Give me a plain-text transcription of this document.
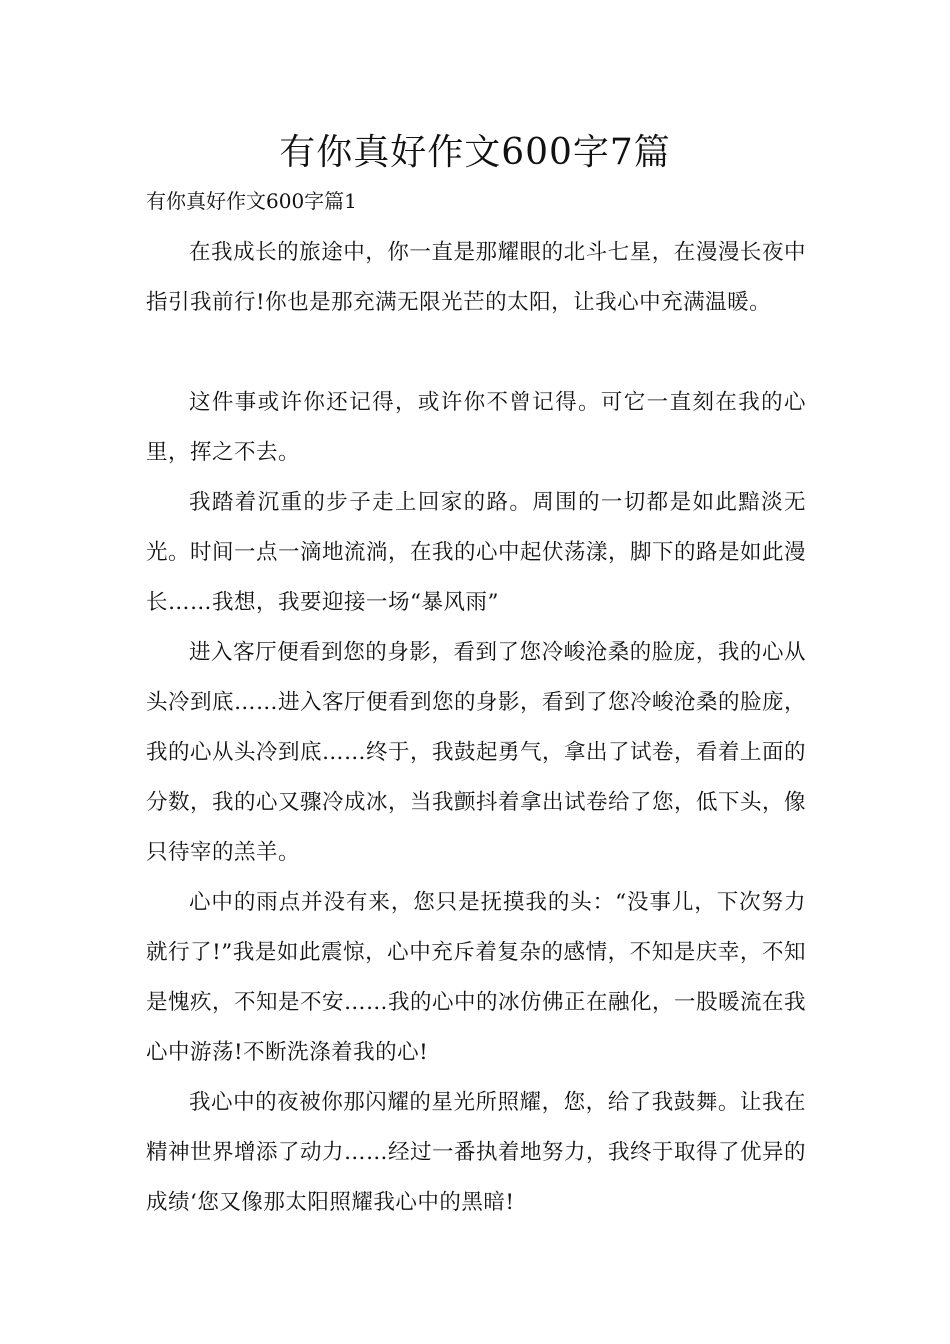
有你真好作文600字7篇

有你真好作文600字篇1

在我成长的旅途中，你一直是那耀眼的北斗七星，在漫漫长夜中指引我前行!你也是那充满无限光芒的太阳，让我心中充满温暖。

这件事或许你还记得，或许你不曾记得。可它一直刻在我的心里，挥之不去。

我踏着沉重的步子走上回家的路。周围的一切都是如此黯淡无光。时间一点一滴地流淌，在我的心中起伏荡漾，脚下的路是如此漫长……我想，我要迎接一场“暴风雨”

进入客厅便看到您的身影，看到了您冷峻沧桑的脸庞，我的心从头冷到底……进入客厅便看到您的身影，看到了您冷峻沧桑的脸庞，我的心从头冷到底……终于，我鼓起勇气，拿出了试卷，看着上面的分数，我的心又骤冷成冰，当我颤抖着拿出试卷给了您，低下头，像只待宰的羔羊。

心中的雨点并没有来，您只是抚摸我的头：“没事儿，下次努力就行了!”我是如此震惊，心中充斥着复杂的感情，不知是庆幸，不知是愧疚，不知是不安……我的心中的冰仿佛正在融化，一股暖流在我心中游荡!不断洗涤着我的心!

我心中的夜被你那闪耀的星光所照耀，您，给了我鼓舞。让我在精神世界增添了动力……经过一番执着地努力，我终于取得了优异的成绩‘您又像那太阳照耀我心中的黑暗!
